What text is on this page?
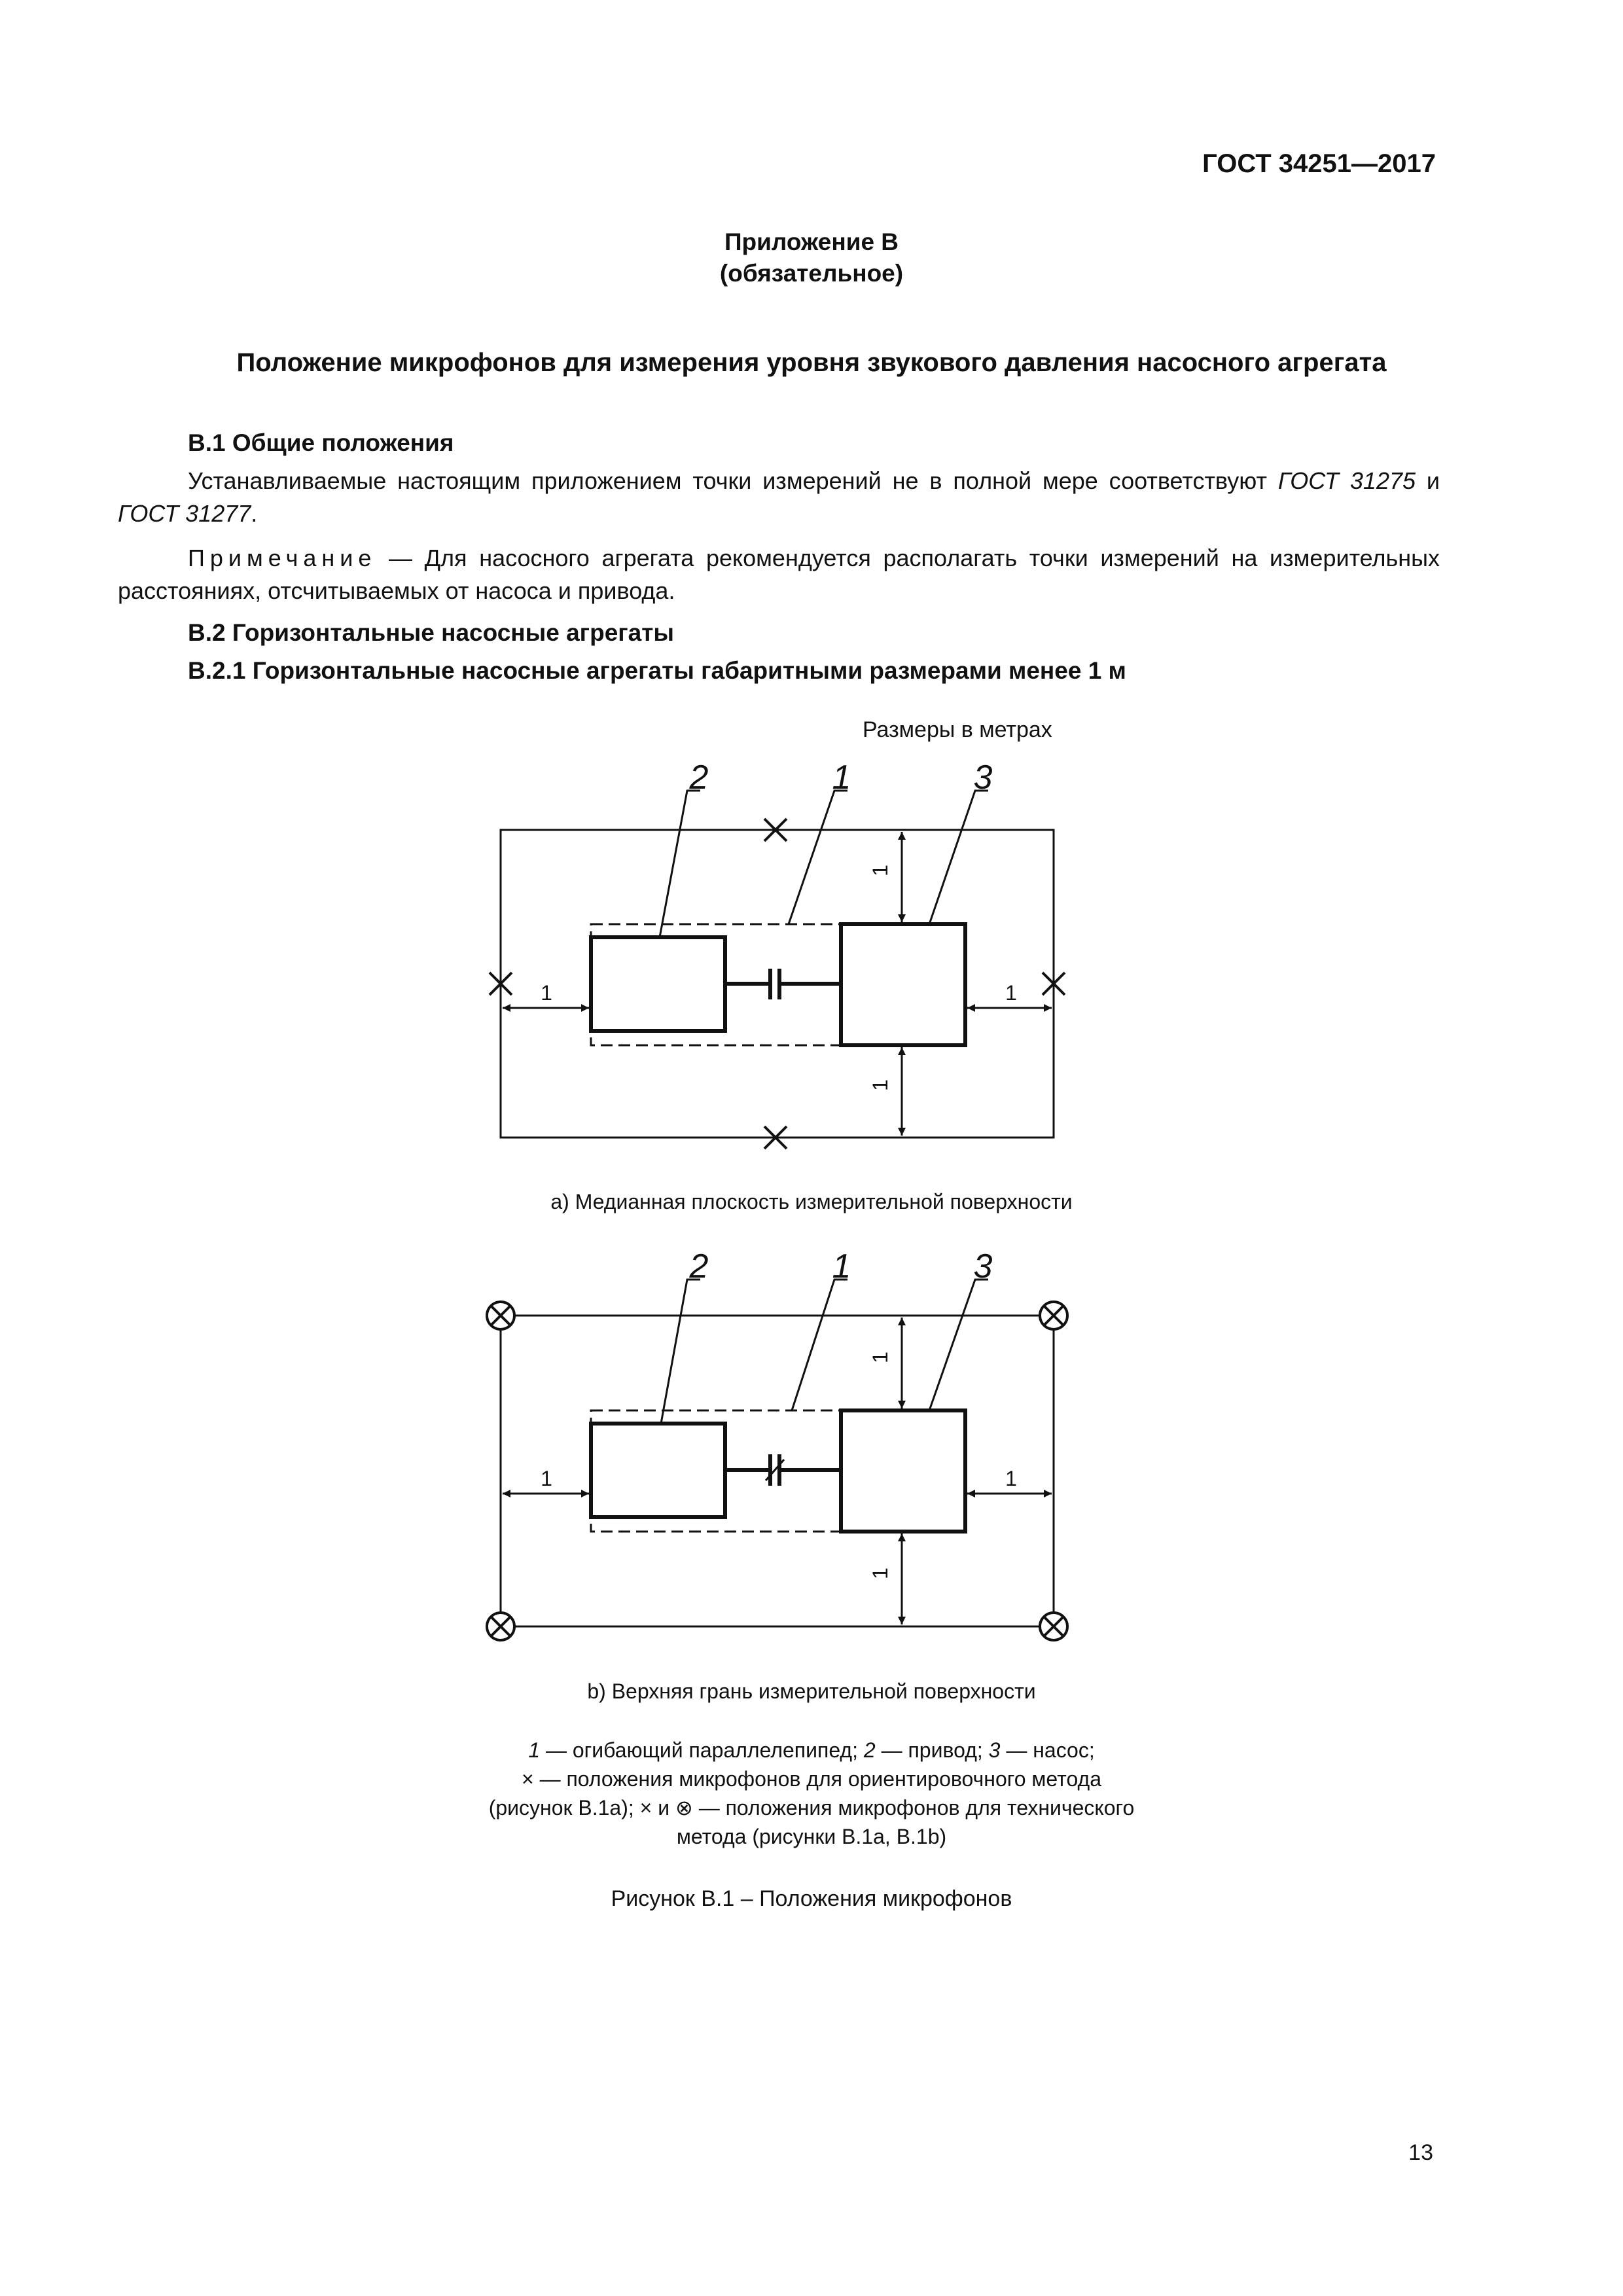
ГОСТ 34251—2017
Приложение В
(обязательное)
Положение микрофонов для измерения уровня звукового давления насосного агрегата
В.1 Общие положения
Устанавливаемые настоящим приложением точки измерений не в полной мере соответствуют ГОСТ 31275 и ГОСТ 31277.
Примечание — Для насосного агрегата рекомендуется располагать точки измерений на измерительных расстояниях, отсчитываемых от насоса и привода.
В.2 Горизонтальные насосные агрегаты
В.2.1 Горизонтальные насосные агрегаты габаритными размерами менее 1 м
Размеры в метрах
2	1	3
2	1	3
1	1
1
1
1	1
1
1
а) Медианная плоскость измерительной поверхности
b) Верхняя грань измерительной поверхности
1 — огибающий параллелепипед; 2 — привод; 3 — насос;
× — положения микрофонов для ориентировочного метода
(рисунок В.1а); × и ⊗ — положения микрофонов для технического
метода (рисунки В.1а, В.1b)
Рисунок В.1 – Положения микрофонов
13
